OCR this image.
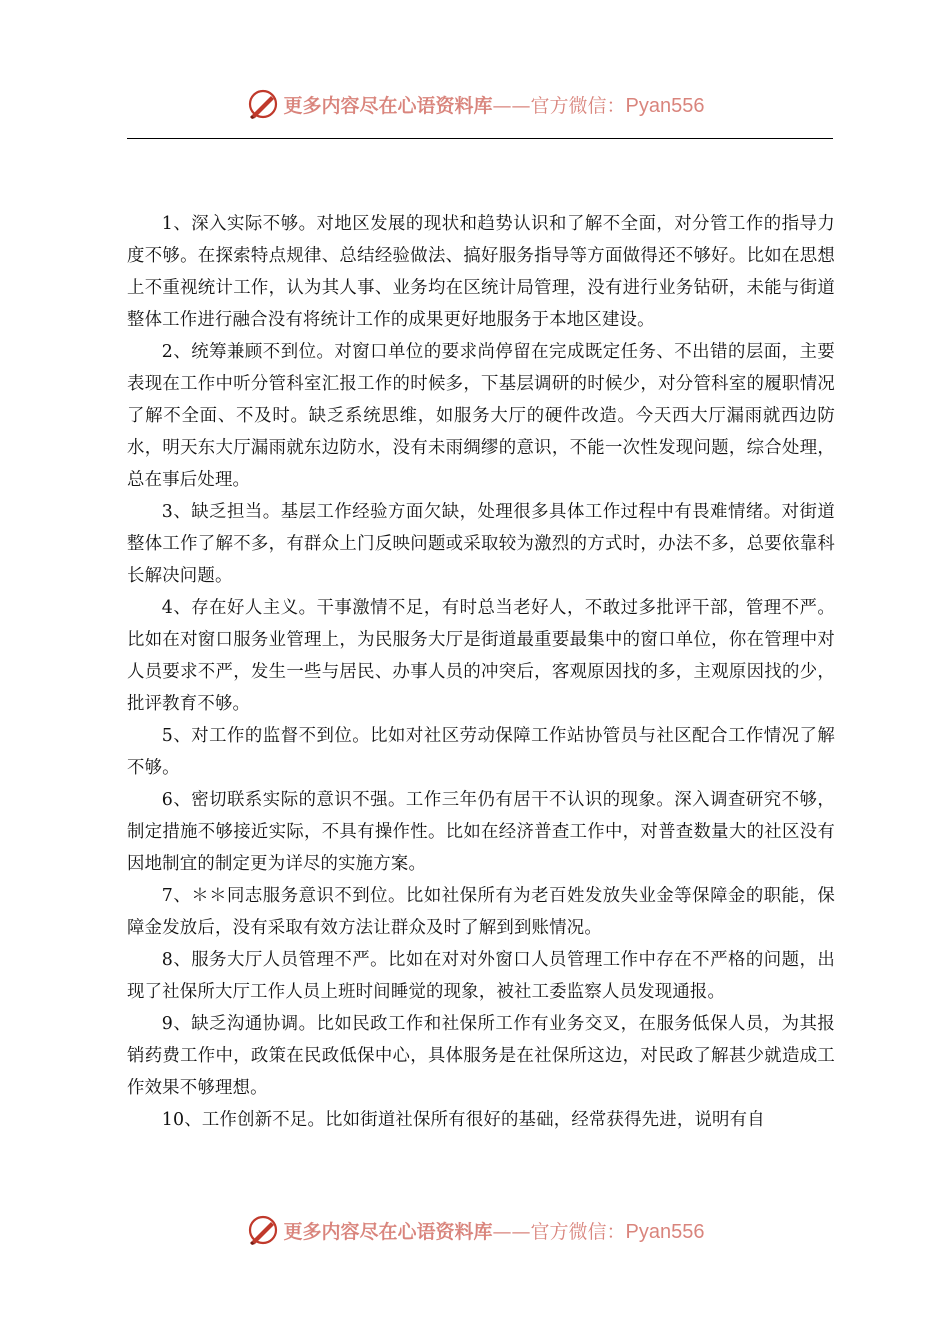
更多内容尽在心语资料库——官方微信：Pyan556

1、深入实际不够。对地区发展的现状和趋势认识和了解不全面，对分管工作的指导力度不够。在探索特点规律、总结经验做法、搞好服务指导等方面做得还不够好。比如在思想上不重视统计工作，认为其人事、业务均在区统计局管理，没有进行业务钻研，未能与街道整体工作进行融合没有将统计工作的成果更好地服务于本地区建设。

2、统筹兼顾不到位。对窗口单位的要求尚停留在完成既定任务、不出错的层面，主要表现在工作中听分管科室汇报工作的时候多，下基层调研的时候少，对分管科室的履职情况了解不全面、不及时。缺乏系统思维，如服务大厅的硬件改造。今天西大厅漏雨就西边防水，明天东大厅漏雨就东边防水，没有未雨绸缪的意识，不能一次性发现问题，综合处理，总在事后处理。

3、缺乏担当。基层工作经验方面欠缺，处理很多具体工作过程中有畏难情绪。对街道整体工作了解不多，有群众上门反映问题或采取较为激烈的方式时，办法不多，总要依靠科长解决问题。

4、存在好人主义。干事激情不足，有时总当老好人，不敢过多批评干部，管理不严。比如在对窗口服务业管理上，为民服务大厅是街道最重要最集中的窗口单位，你在管理中对人员要求不严，发生一些与居民、办事人员的冲突后，客观原因找的多，主观原因找的少，批评教育不够。

5、对工作的监督不到位。比如对社区劳动保障工作站协管员与社区配合工作情况了解不够。

6、密切联系实际的意识不强。工作三年仍有居干不认识的现象。深入调查研究不够，制定措施不够接近实际，不具有操作性。比如在经济普查工作中，对普查数量大的社区没有因地制宜的制定更为详尽的实施方案。

7、＊＊同志服务意识不到位。比如社保所有为老百姓发放失业金等保障金的职能，保障金发放后，没有采取有效方法让群众及时了解到到账情况。

8、服务大厅人员管理不严。比如在对对外窗口人员管理工作中存在不严格的问题，出现了社保所大厅工作人员上班时间睡觉的现象，被社工委监察人员发现通报。

9、缺乏沟通协调。比如民政工作和社保所工作有业务交叉，在服务低保人员，为其报销药费工作中，政策在民政低保中心，具体服务是在社保所这边，对民政了解甚少就造成工作效果不够理想。

10、工作创新不足。比如街道社保所有很好的基础，经常获得先进，说明有自

更多内容尽在心语资料库——官方微信：Pyan556
